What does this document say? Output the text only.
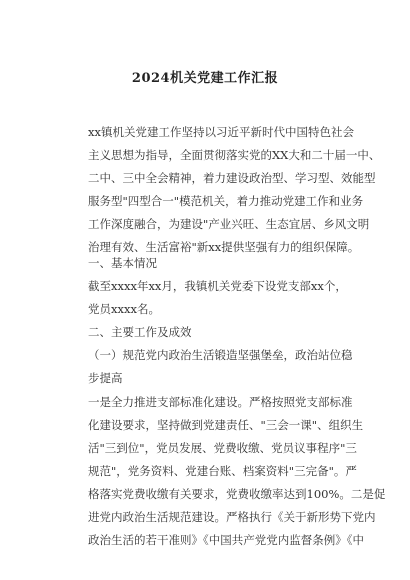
2024机关党建工作汇报
xx镇机关党建工作坚持以习近平新时代中国特色社会
主义思想为指导，全面贯彻落实党的XX大和二十届一中、
二中、三中全会精神，着力建设政治型、学习型、效能型
服务型"四型合一"模范机关，着力推动党建工作和业务
工作深度融合，为建设"产业兴旺、生态宜居、乡风文明
治理有效、生活富裕"新xx提供坚强有力的组织保障。
一、基本情况
截至xxxx年xx月，我镇机关党委下设党支部xx个，
党员xxxx名。
二、主要工作及成效
（一）规范党内政治生活锻造坚强堡垒，政治站位稳
步提高
一是全力推进支部标准化建设。严格按照党支部标准
化建设要求，坚持做到党建责任、"三会一课"、组织生
活"三到位"，党员发展、党费收缴、党员议事程序"三
规范"，党务资料、党建台账、档案资料"三完备"。严
格落实党费收缴有关要求，党费收缴率达到100%。二是促
进党内政治生活规范建设。严格执行《关于新形势下党内
政治生活的若干准则》《中国共产党党内监督条例》《中
